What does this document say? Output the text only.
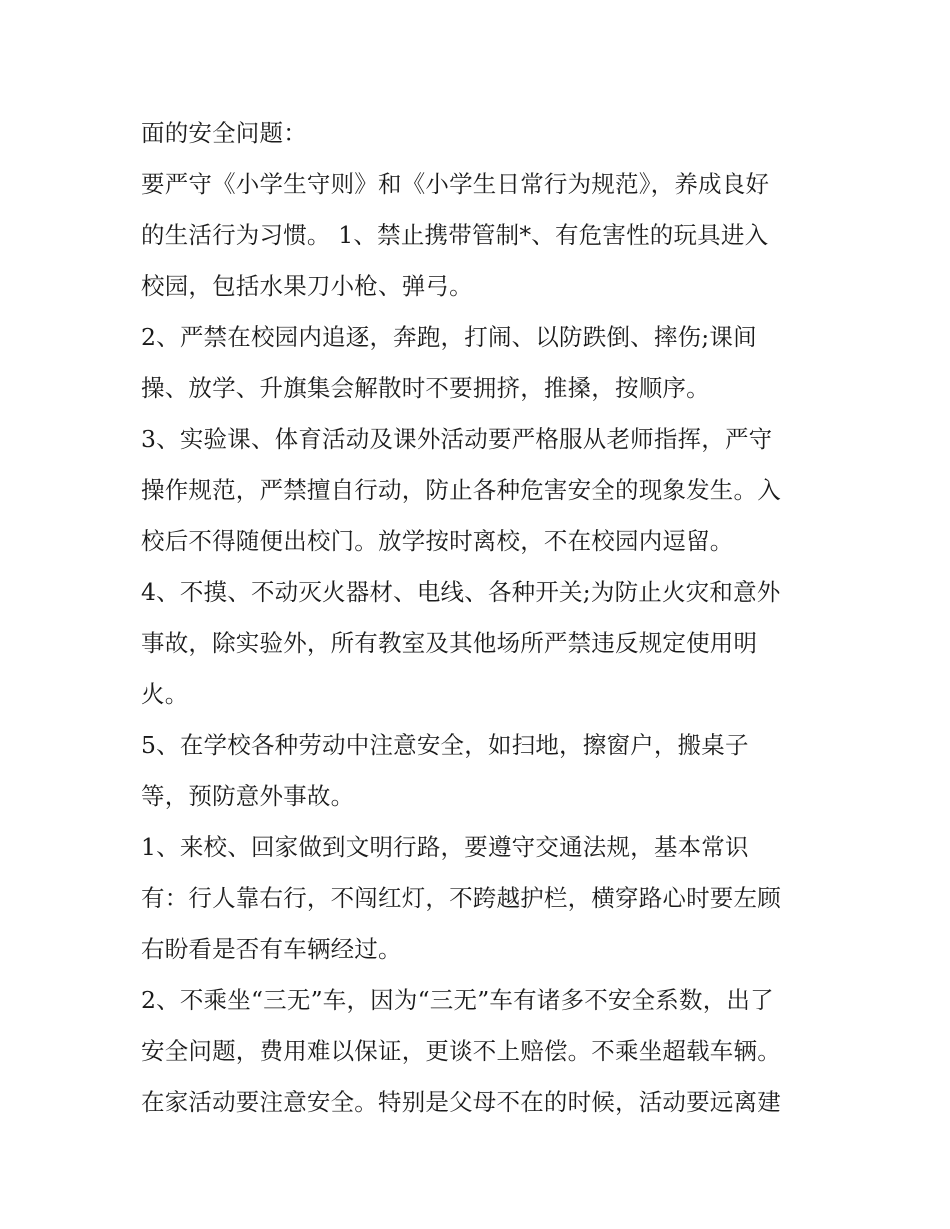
面的安全问题：
要严守《小学生守则》和《小学生日常行为规范》，养成良好
的生活行为习惯。 1、禁止携带管制*、有危害性的玩具进入
校园，包括水果刀小枪、弹弓。
2、严禁在校园内追逐，奔跑，打闹、以防跌倒、摔伤;课间
操、放学、升旗集会解散时不要拥挤，推搡，按顺序。
3、实验课、体育活动及课外活动要严格服从老师指挥，严守
操作规范，严禁擅自行动，防止各种危害安全的现象发生。入
校后不得随便出校门。放学按时离校，不在校园内逗留。
4、不摸、不动灭火器材、电线、各种开关;为防止火灾和意外
事故，除实验外，所有教室及其他场所严禁违反规定使用明
火。
5、在学校各种劳动中注意安全，如扫地，擦窗户，搬桌子
等，预防意外事故。
1、来校、回家做到文明行路，要遵守交通法规，基本常识
有：行人靠右行，不闯红灯，不跨越护栏，横穿路心时要左顾
右盼看是否有车辆经过。
2、不乘坐“三无”车，因为“三无”车有诸多不安全系数，出了
安全问题，费用难以保证，更谈不上赔偿。不乘坐超载车辆。
在家活动要注意安全。特别是父母不在的时候，活动要远离建
